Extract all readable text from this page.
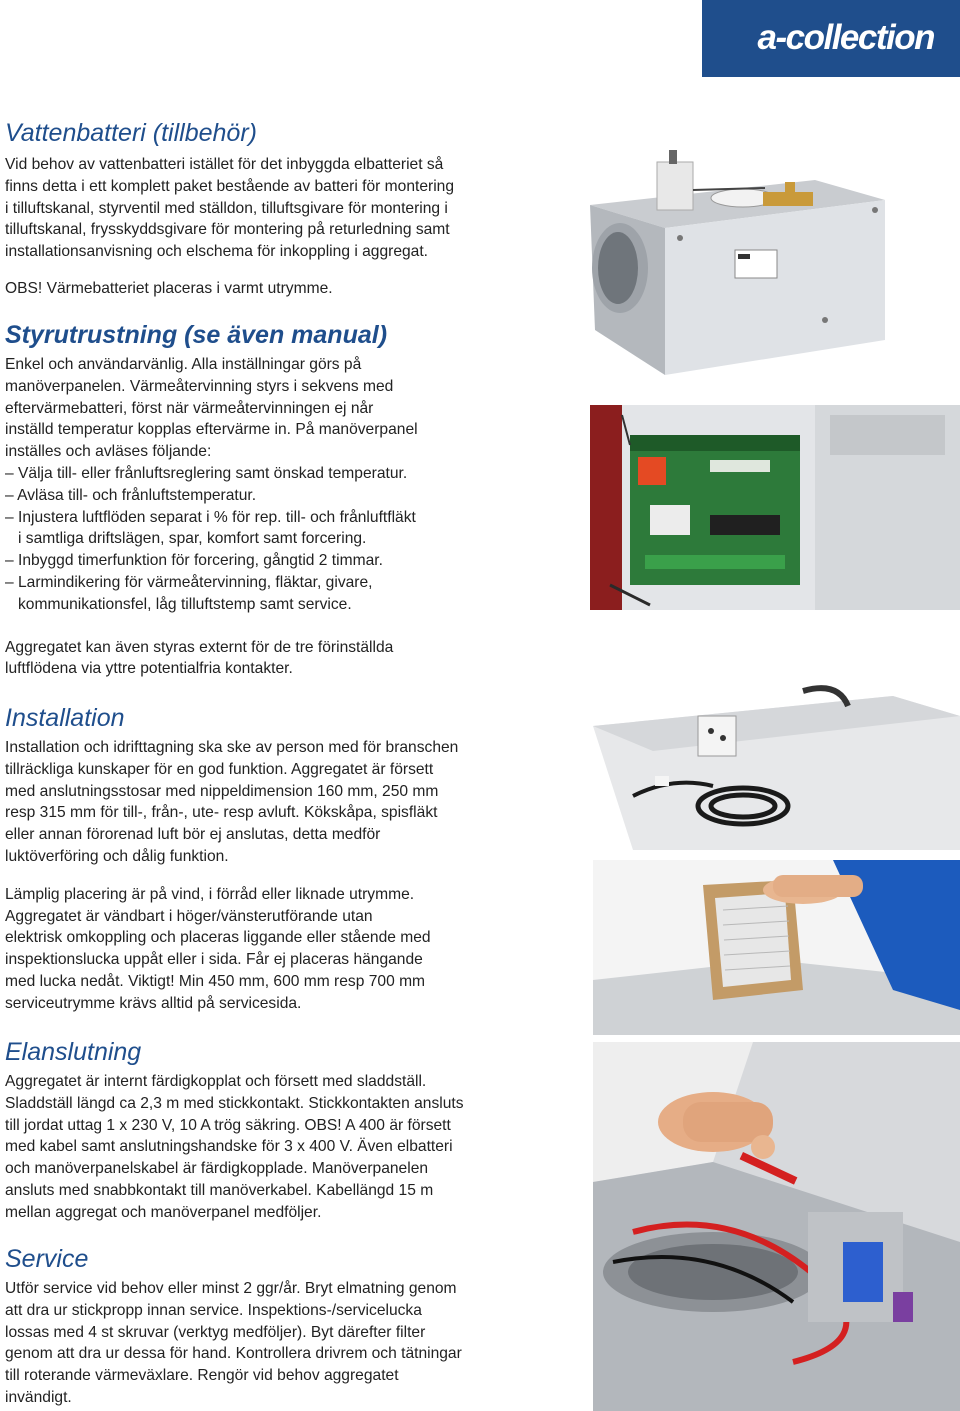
a-collection
Vattenbatteri (tillbehör)

Vid behov av vattenbatteri istället för det inbyggda elbatteriet så

finns detta i ett komplett paket bestående av batteri för montering

i tilluftskanal, styrventil med ställdon, tilluftsgivare för montering i

tilluftskanal, frysskyddsgivare för montering på returledning samt

installationsanvisning och elschema för inkoppling i aggregat.

OBS! Värmebatteriet placeras i varmt utrymme.

Styrutrustning (se även manual)

Enkel och användarvänlig. Alla inställningar görs på

manöverpanelen. Värmeåtervinning styrs i sekvens med

eftervärmebatteri, först när värmeåtervinningen ej når

inställd temperatur kopplas eftervärme in. På manöverpanel

inställes och avläses följande:

– Välja till- eller frånluftsreglering samt önskad temperatur.

– Avläsa till- och frånluftstemperatur.

– Injustera luftflöden separat i % för rep. till- och frånluftfläkt

i samtliga driftslägen, spar, komfort samt forcering.

– Inbyggd timerfunktion för forcering, gångtid 2 timmar.

– Larmindikering för värmeåtervinning, fläktar, givare,

kommunikationsfel, låg tilluftstemp samt service.

Aggregatet kan även styras externt för de tre förinställda

luftflödena via yttre potentialfria kontakter.

Installation

Installation och idrifttagning ska ske av person med för branschen

tillräckliga kunskaper för en god funktion. Aggregatet är försett

med anslutningsstosar med nippeldimension 160 mm, 250 mm

resp 315 mm för till-, från-, ute- resp avluft. Kökskåpa, spisfläkt

eller annan förorenad luft bör ej anslutas, detta medför

luktöverföring och dålig funktion.

Lämplig placering är på vind, i förråd eller liknade utrymme.

Aggregatet är vändbart i höger/vänsterutförande utan

elektrisk omkoppling och placeras liggande eller stående med

inspektionslucka uppåt eller i sida. Får ej placeras hängande

med lucka nedåt. Viktigt! Min 450 mm, 600 mm resp 700 mm

serviceutrymme krävs alltid på servicesida.

Elanslutning

Aggregatet är internt färdigkopplat och försett med sladdställ.

Sladdställ längd ca 2,3 m med stickkontakt. Stickkontakten ansluts

till jordat uttag 1 x 230 V, 10 A trög säkring. OBS! A 400 är försett

med kabel samt anslutningshandske för 3 x 400 V. Även elbatteri

och manöverpanelskabel är färdigkopplade. Manöverpanelen

ansluts med snabbkontakt till manöverkabel. Kabellängd 15 m

mellan aggregat och manöverpanel medföljer.

Service

Utför service vid behov eller minst 2 ggr/år. Bryt elmatning genom

att dra ur stickpropp innan service. Inspektions-/servicelucka

lossas med 4 st skruvar (verktyg medföljer). Byt därefter filter

genom att dra ur dessa för hand. Kontrollera drivrem och tätningar

till roterande värmeväxlare. Rengör vid behov aggregatet

invändigt.
